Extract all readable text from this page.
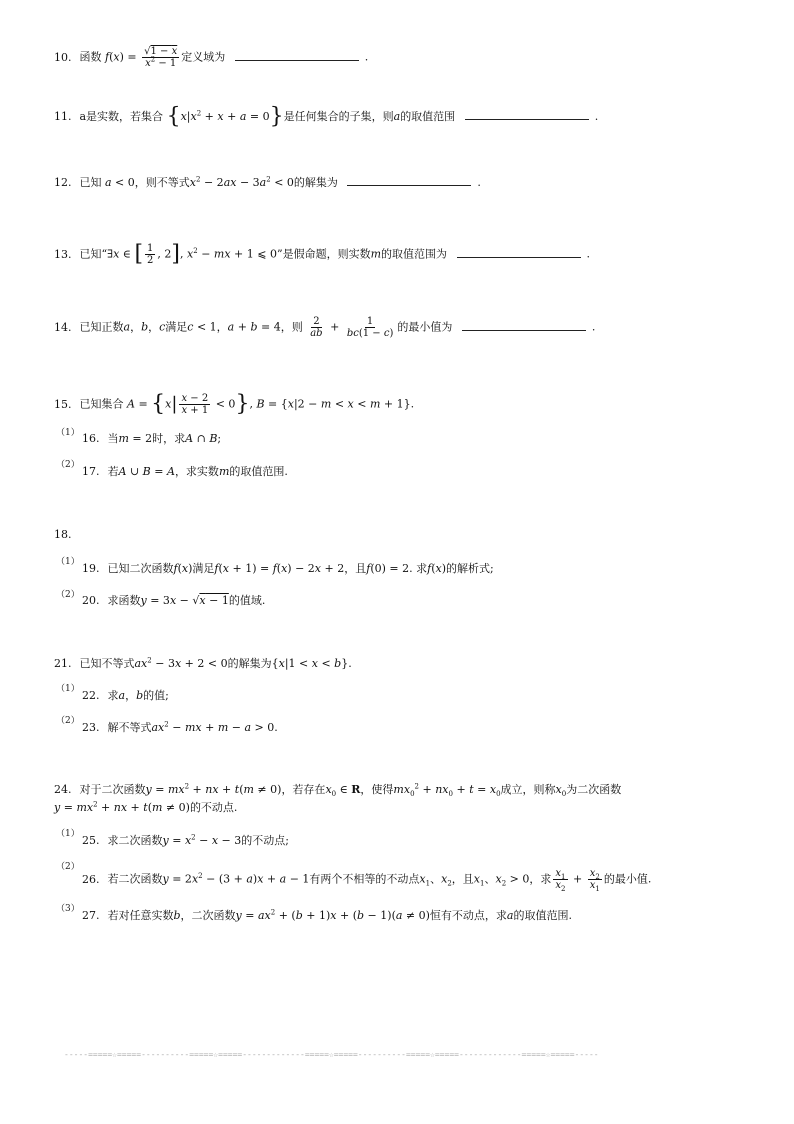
10. 函数 $f(x) = \frac{√1 - x}{x^2 - 1}$ 定义域为	.
11. a是实数，若集合 $\{x|x^2 + x + a = 0\}$是任何集合的子集，则a的取值范围	.
12. 已知 a < 0，则不等式$x^2 - 2ax - 3a^2 < 0$的解集为	.
13. 已知“∃x ∈ [ $\frac{1}{2}$ , 2], $x^2$ − mx + 1 ⩽ 0”是假命题，则实数m的取值范围为	.
14. 已知正数a，b，c满足c < 1，a + b = 4，则 $\frac{2}{ab} + \frac{1}{bc(1 - c)}$ 的最小值为	.
15. 已知集合 $A = \{x| \frac{x - 2}{x + 1} < 0\}$, B = {x|2 − m < x < m + 1}.
（1） 16. 当m = 2时，求A ∩ B;
（2） 17. 若A ∪ B = A，求实数m的取值范围.
18.
（1） 19. 已知二次函数f(x)满足f(x + 1) = f(x) − 2x + 2，且f(0) = 2. 求f(x)的解析式;
（2） 20. 求函数y = 3x − √x − 1的值域.
21. 已知不等式$ax^2 - 3x + 2 < 0$的解集为{x|1 < x < b}.
（1） 22. 求a，b的值;
（2） 23. 解不等式$ax^2$ − mx + m − a > 0.
24. 对于二次函数$y = mx^2$ + nx + t(m ≠ 0)，若存在$x_0$ ∈ R，使得$mx_0^2 + nx_0 + t = x_0$成立，则称$x_0$为二次函数
$y = mx^2$ + nx + t(m ≠ 0)的不动点.
（1） 25. 求二次函数$y = x^2 - x - 3$的不动点;
（2）
26. 若二次函数$y = 2x^2 - (3 + a)x + a - 1$有两个不相等的不动点$x_1$、$x_2$，且$x_1$、$x_2 > 0$，求 $\frac{x_1}{x_2} + \frac{x_2}{x_1}$ 的最小值.
（3） 27. 若对任意实数b，二次函数$y = ax^2 + (b + 1)x + (b - 1)(a \ne 0)$恒有不动点，求a的取值范围.
-----=====☆=====----------=====☆=====-------------=====☆=====----------=====☆=====-------------=====☆=====-----
